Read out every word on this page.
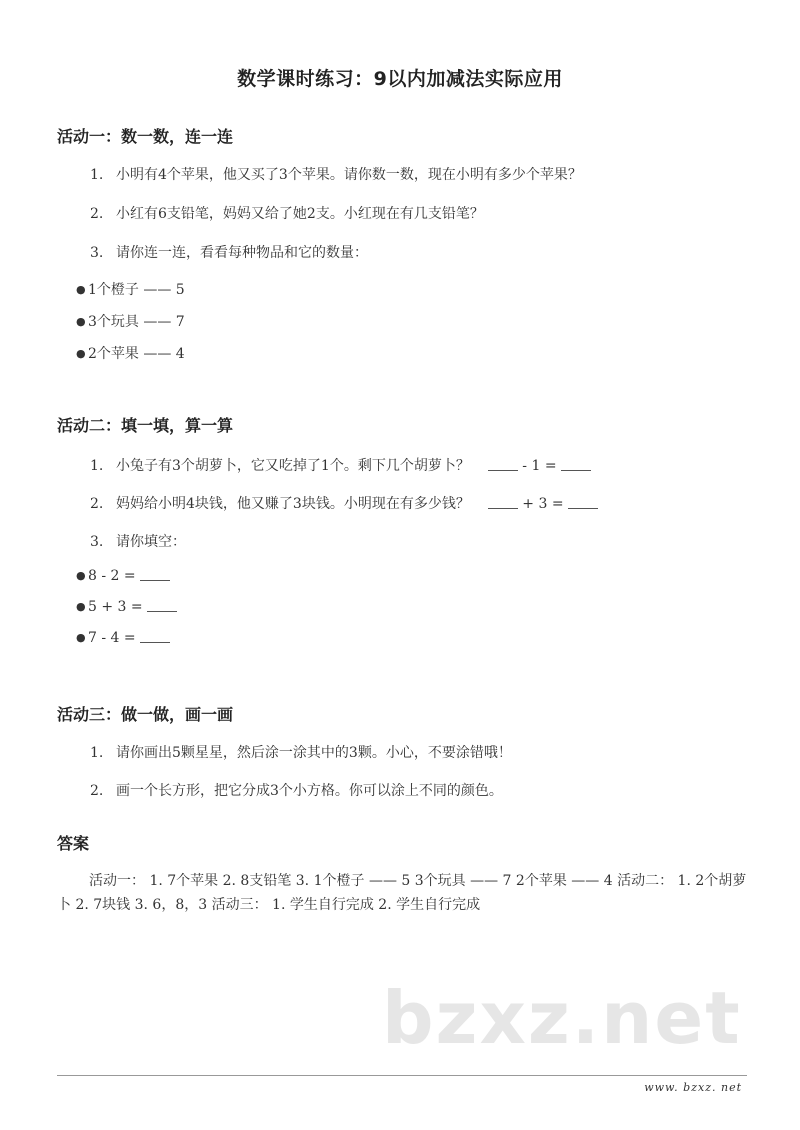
数学课时练习：9以内加减法实际应用
活动一：数一数，连一连
1. 小明有4个苹果，他又买了3个苹果。请你数一数，现在小明有多少个苹果？
2. 小红有6支铅笔，妈妈又给了她2支。小红现在有几支铅笔？
3. 请你连一连，看看每种物品和它的数量：
● 1个橙子 —— 5
● 3个玩具 —— 7
● 2个苹果 —— 4
活动二：填一填，算一算
1. 小兔子有3个胡萝卜，它又吃掉了1个。剩下几个胡萝卜？	- 1 =
2. 妈妈给小明4块钱，他又赚了3块钱。小明现在有多少钱？	+ 3 =
3. 请你填空：
● 8 - 2 =
● 5 + 3 =
● 7 - 4 =
活动三：做一做，画一画
1. 请你画出5颗星星，然后涂一涂其中的3颗。小心，不要涂错哦！
2. 画一个长方形，把它分成3个小方格。你可以涂上不同的颜色。
答案
活动一： 1. 7个苹果 2. 8支铅笔 3. 1个橙子 —— 5 3个玩具 —— 7 2个苹果 —— 4 活动二： 1. 2个胡萝卜 2. 7块钱 3. 6，8，3 活动三： 1. 学生自行完成 2. 学生自行完成
bzxz.net
www. bzxz. net
